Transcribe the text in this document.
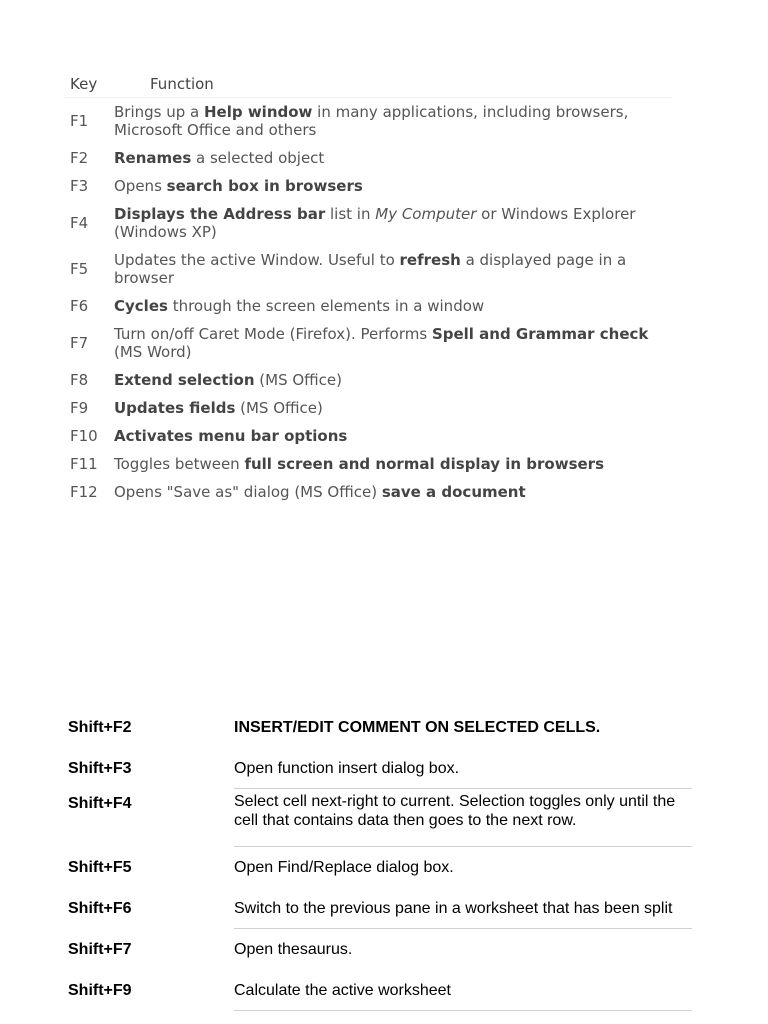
Key	Function
F1	Brings up a Help window in many applications, including browsers, Microsoft Office and others
F2	Renames a selected object
F3	Opens search box in browsers
F4	Displays the Address bar list in My Computer or Windows Explorer (Windows XP)
F5	Updates the active Window. Useful to refresh a displayed page in a browser
F6	Cycles through the screen elements in a window
F7	Turn on/off Caret Mode (Firefox). Performs Spell and Grammar check (MS Word)
F8	Extend selection (MS Office)
F9	Updates fields (MS Office)
F10	Activates menu bar options
F11	Toggles between full screen and normal display in browsers
F12	Opens "Save as" dialog (MS Office) save a document
Shift+F2	INSERT/EDIT COMMENT ON SELECTED CELLS.
Shift+F3	Open function insert dialog box.
Shift+F4	Select cell next-right to current. Selection toggles only until the cell that contains data then goes to the next row.
Shift+F5	Open Find/Replace dialog box.
Shift+F6	Switch to the previous pane in a worksheet that has been split
Shift+F7	Open thesaurus.
Shift+F9	Calculate the active worksheet
